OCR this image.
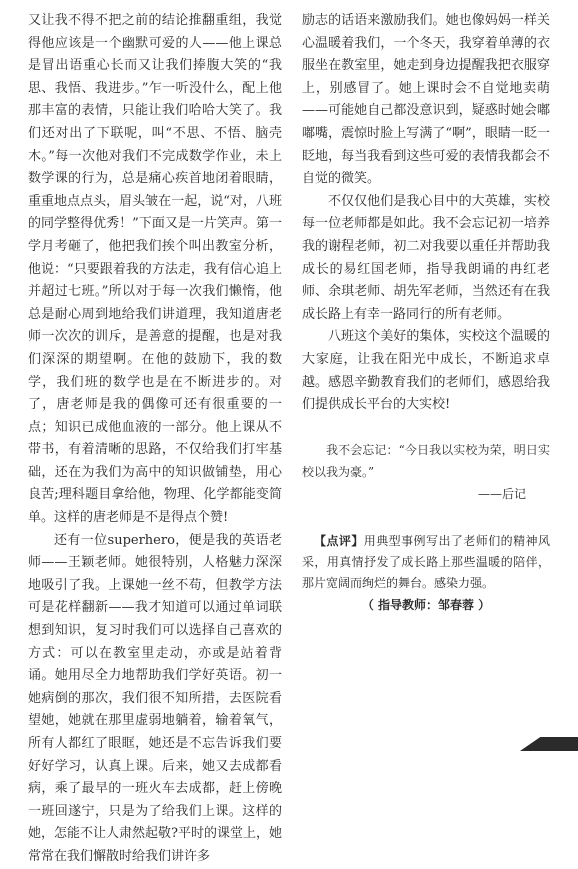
又让我不得不把之前的结论推翻重组，我觉得他应该是一个幽默可爱的人——他上课总是冒出语重心长而又让我们捧腹大笑的“我思、我悟、我进步。”乍一听没什么，配上他那丰富的表情，只能让我们哈哈大笑了。我们还对出了下联呢，叫“不思、不悟、脑壳木。”每一次他对我们不完成数学作业，未上数学课的行为，总是痛心疾首地闭着眼睛，重重地点点头，眉头皱在一起，说“对，八班的同学整得优秀！”下面又是一片笑声。第一学月考砸了，他把我们挨个叫出教室分析，他说：“只要跟着我的方法走，我有信心追上并超过七班。”所以对于每一次我们懒惰，他总是耐心周到地给我们讲道理，我知道唐老师一次次的训斥，是善意的提醒，也是对我们深深的期望啊。在他的鼓励下，我的数学，我们班的数学也是在不断进步的。对了，唐老师是我的偶像可还有很重要的一点；知识已成他血液的一部分。他上课从不带书，有着清晰的思路，不仅给我们打牢基础，还在为我们为高中的知识做铺垫，用心良苦;理科题目拿给他，物理、化学都能变简单。这样的唐老师是不是得点个赞!

还有一位superhero，便是我的英语老师——王颖老师。她很特别，人格魅力深深地吸引了我。上课她一丝不苟，但教学方法可是花样翻新——我才知道可以通过单词联想到知识，复习时我们可以选择自己喜欢的方式：可以在教室里走动，亦或是站着背诵。她用尽全力地帮助我们学好英语。初一她病倒的那次，我们很不知所措，去医院看望她，她就在那里虚弱地躺着，输着氧气，所有人都红了眼眶，她还是不忘告诉我们要好好学习，认真上课。后来，她又去成都看病，乘了最早的一班火车去成都，赶上傍晚一班回遂宁，只是为了给我们上课。这样的她，怎能不让人肃然起敬?平时的课堂上，她常常在我们懈散时给我们讲许多

励志的话语来激励我们。她也像妈妈一样关心温暖着我们，一个冬天，我穿着单薄的衣服坐在教室里，她走到身边提醒我把衣服穿上，别感冒了。她上课时会不自觉地卖萌——可能她自己都没意识到，疑惑时她会嘟嘟嘴，震惊时脸上写满了“啊”，眼睛一眨一眨地，每当我看到这些可爱的表情我都会不自觉的微笑。

不仅仅他们是我心目中的大英雄，实校每一位老师都是如此。我不会忘记初一培养我的谢程老师，初二对我要以重任并帮助我成长的易红国老师，指导我朗诵的冉红老师、余琪老师、胡先军老师，当然还有在我成长路上有幸一路同行的所有老师。

八班这个美好的集体，实校这个温暖的大家庭，让我在阳光中成长，不断追求卓越。感恩辛勤教育我们的老师们，感恩给我们提供成长平台的大实校!

我不会忘记：“今日我以实校为荣，明日实校以我为豪。”

——后记

【点评】用典型事例写出了老师们的精神风采，用真情抒发了成长路上那些温暖的陪伴，那片宽阔而绚烂的舞台。感染力强。

（ 指导教师：邹春蓉 ）
